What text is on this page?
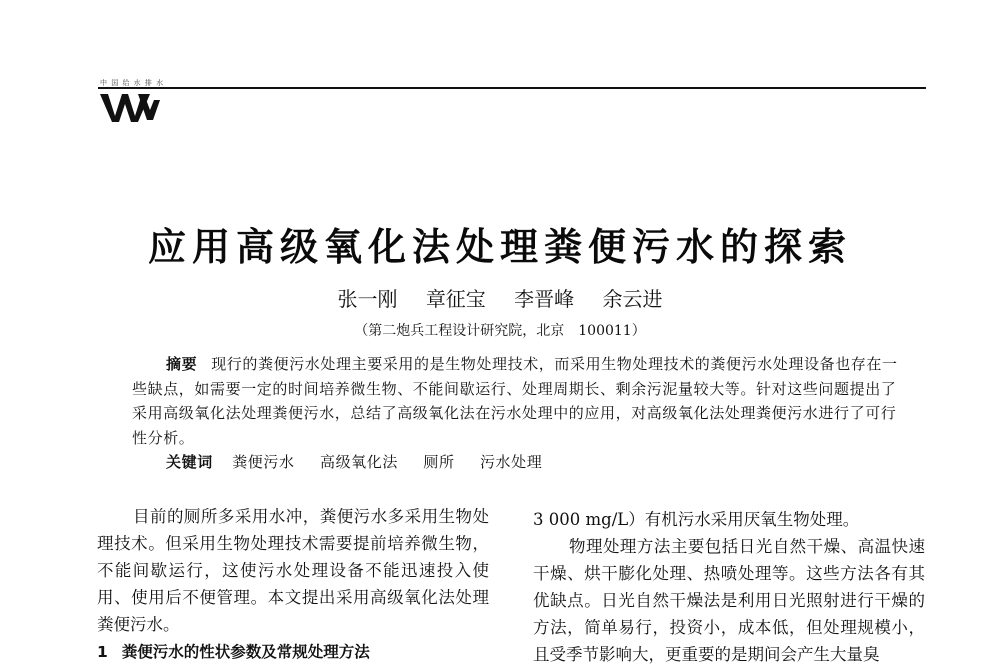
中 国 给 水 排 水
应用高级氧化法处理粪便污水的探索
张一刚 章征宝 李晋峰 余云进
（第二炮兵工程设计研究院，北京　100011）

摘要 现行的粪便污水处理主要采用的是生物处理技术，而采用生物处理技术的粪便污水处理设备也存在一些缺点，如需要一定的时间培养微生物、不能间歇运行、处理周期长、剩余污泥量较大等。针对这些问题提出了采用高级氧化法处理粪便污水，总结了高级氧化法在污水处理中的应用，对高级氧化法处理粪便污水进行了可行性分析。

关键词 粪便污水 高级氧化法 厕所 污水处理

目前的厕所多采用水冲，粪便污水多采用生物处理技术。但采用生物处理技术需要提前培养微生物，不能间歇运行，这使污水处理设备不能迅速投入使用、使用后不便管理。本文提出采用高级氧化法处理粪便污水。

1 粪便污水的性状参数及常规处理方法

3 000 mg/L）有机污水采用厌氧生物处理。

物理处理方法主要包括日光自然干燥、高温快速干燥、烘干膨化处理、热喷处理等。这些方法各有其优缺点。日光自然干燥法是利用日光照射进行干燥的方法，简单易行，投资小，成本低，但处理规模小，且受季节影响大，更重要的是期间会产生大量臭
